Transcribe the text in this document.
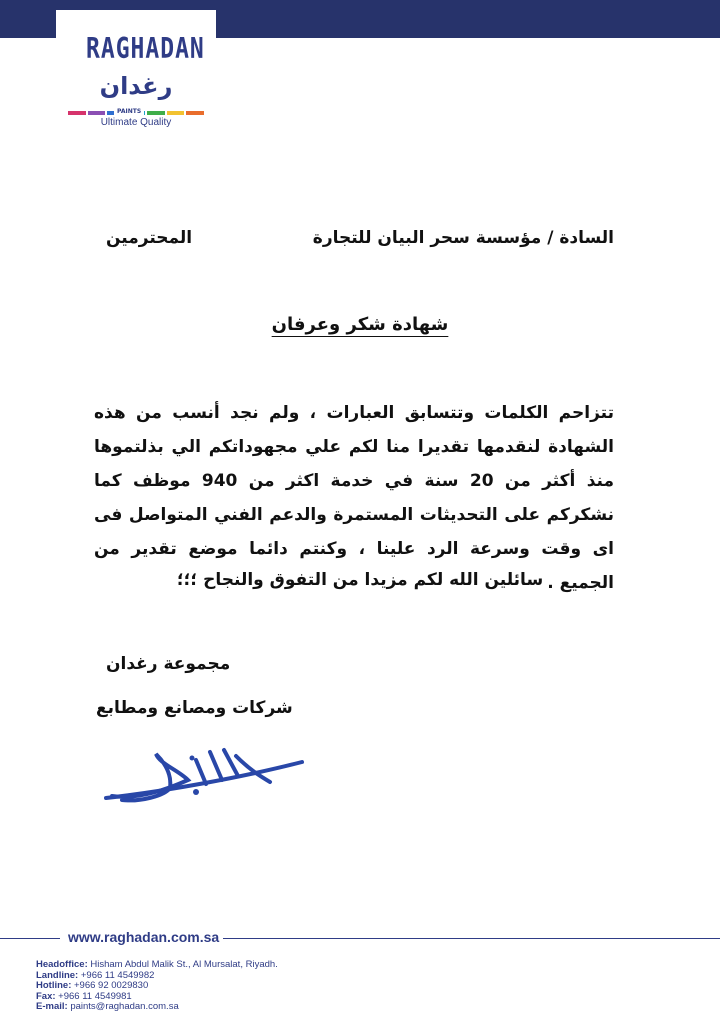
RAGHADAN
رغدان
PAINTS
Ultimate Quality
السادة / مؤسسة سحر البيان للتجارة
المحترمين
شهادة شكر وعرفان

تتزاحم الكلمات وتتسابق العبارات ، ولم نجد أنسب من هذه الشهادة لنقدمها تقديرا منا لكم علي مجهوداتكم الي بذلتموها منذ أكثر من 20 سنة في خدمة اكثر من 940 موظف كما نشكركم على التحديثات المستمرة والدعم الفني المتواصل فى اى وقت وسرعة الرد علينا ، وكنتم دائما موضع تقدير من الجميع .

سائلين الله لكم مزيدا من التفوق والنجاح ؛؛؛
مجموعة رغدان
شركات ومصانع ومطابع
www.raghadan.com.sa
Headoffice: Hisham Abdul Malik St., Al Mursalat, Riyadh.
Landline: +966 11 4549982
Hotline: +966 92 0029830
Fax: +966 11 4549981
E-mail: paints@raghadan.com.sa
